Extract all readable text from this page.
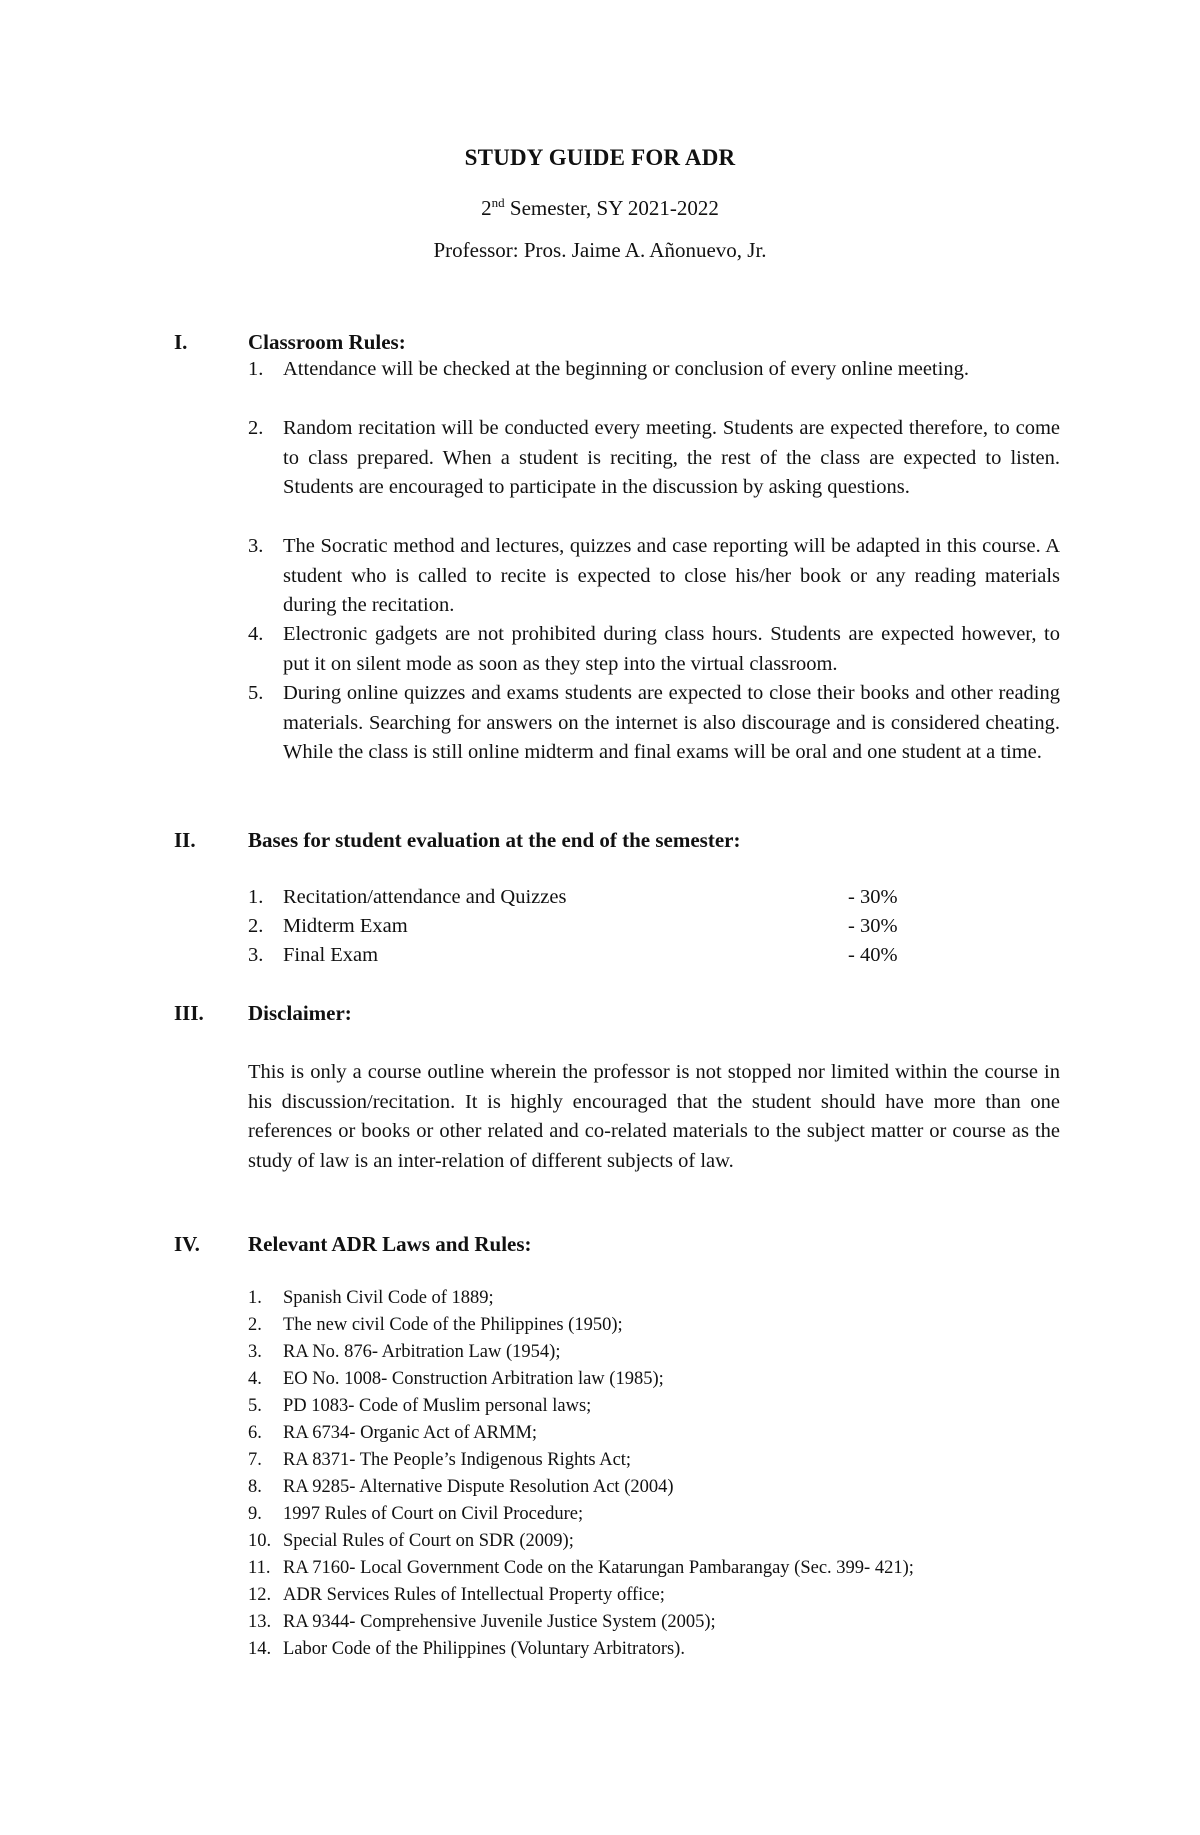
STUDY GUIDE FOR ADR
2nd Semester, SY 2021-2022
Professor: Pros. Jaime A. Añonuevo, Jr.
I.	Classroom Rules:
1. Attendance will be checked at the beginning or conclusion of every online meeting.
2. Random recitation will be conducted every meeting. Students are expected therefore, to come to class prepared. When a student is reciting, the rest of the class are expected to listen. Students are encouraged to participate in the discussion by asking questions.
3. The Socratic method and lectures, quizzes and case reporting will be adapted in this course. A student who is called to recite is expected to close his/her book or any reading materials during the recitation.
4. Electronic gadgets are not prohibited during class hours. Students are expected however, to put it on silent mode as soon as they step into the virtual classroom.
5. During online quizzes and exams students are expected to close their books and other reading materials. Searching for answers on the internet is also discourage and is considered cheating. While the class is still online midterm and final exams will be oral and one student at a time.
II. Bases for student evaluation at the end of the semester:
1. Recitation/attendance and Quizzes	- 30%
2. Midterm Exam	- 30%
3. Final Exam	- 40%
III. Disclaimer:
This is only a course outline wherein the professor is not stopped nor limited within the course in his discussion/recitation. It is highly encouraged that the student should have more than one references or books or other related and co-related materials to the subject matter or course as the study of law is an inter-relation of different subjects of law.
IV. Relevant ADR Laws and Rules:
1. Spanish Civil Code of 1889;
2. The new civil Code of the Philippines (1950);
3. RA No. 876- Arbitration Law (1954);
4. EO No. 1008- Construction Arbitration law (1985);
5. PD 1083- Code of Muslim personal laws;
6. RA 6734- Organic Act of ARMM;
7. RA 8371- The People’s Indigenous Rights Act;
8. RA 9285- Alternative Dispute Resolution Act (2004)
9. 1997 Rules of Court on Civil Procedure;
10. Special Rules of Court on SDR (2009);
11. RA 7160- Local Government Code on the Katarungan Pambarangay (Sec. 399- 421);
12. ADR Services Rules of Intellectual Property office;
13. RA 9344- Comprehensive Juvenile Justice System (2005);
14. Labor Code of the Philippines (Voluntary Arbitrators).
